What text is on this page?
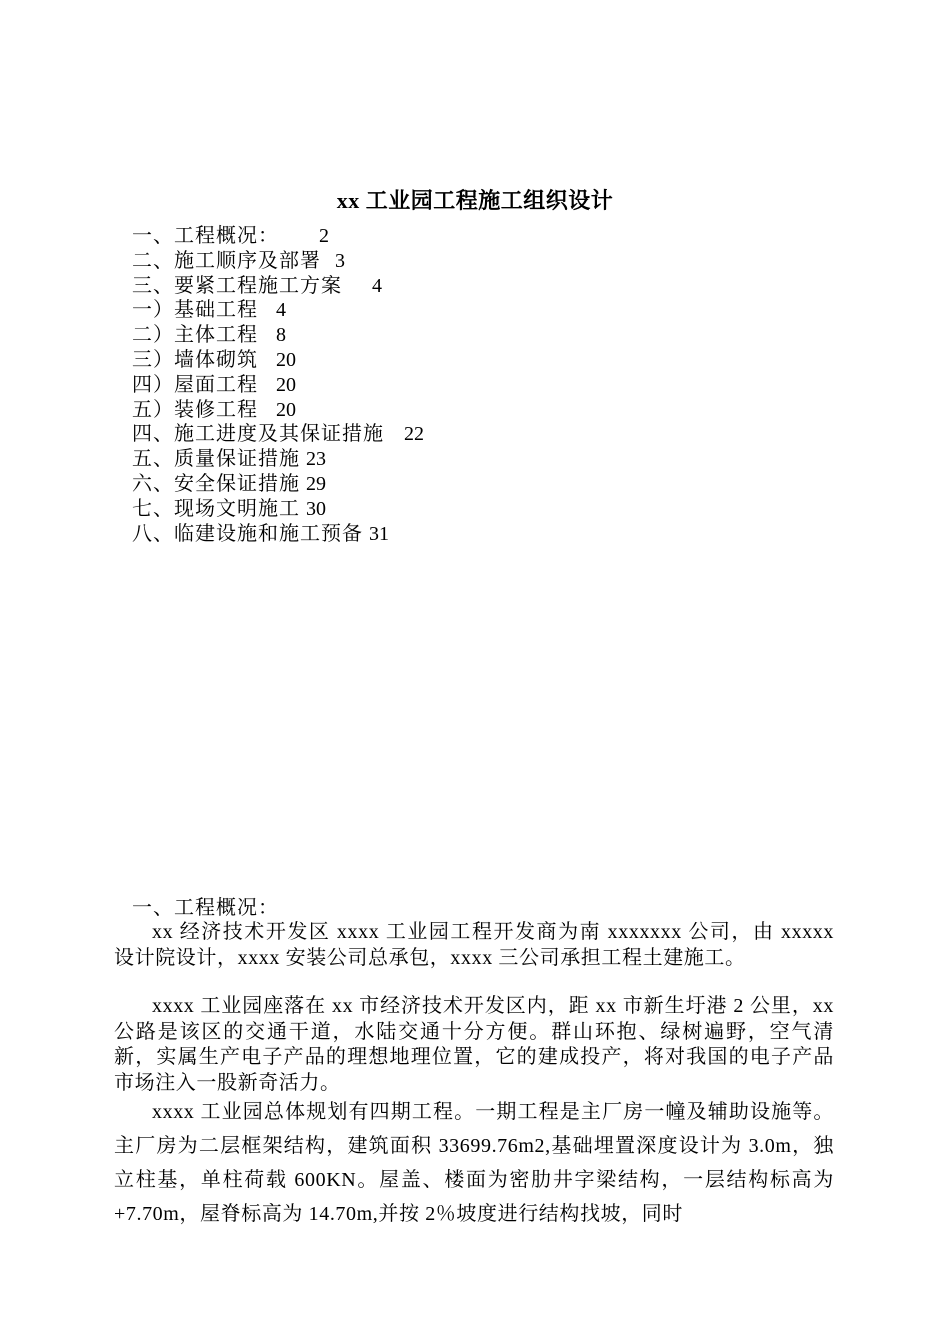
xx 工业园工程施工组织设计
一、工程概况： 2
二、施工顺序及部署 3
三、要紧工程施工方案 4
一）基础工程 4
二）主体工程 8
三）墙体砌筑 20
四）屋面工程 20
五）装修工程 20
四、施工进度及其保证措施 22
五、质量保证措施 23
六、安全保证措施 29
七、现场文明施工 30
八、临建设施和施工预备 31
一、工程概况：

xx 经济技术开发区 xxxx 工业园工程开发商为南 xxxxxxx 公司，由 xxxxx 设计院设计，xxxx 安装公司总承包，xxxx 三公司承担工程土建施工。

xxxx 工业园座落在 xx 市经济技术开发区内，距 xx 市新生圩港 2 公里，xx 公路是该区的交通干道，水陆交通十分方便。群山环抱、绿树遍野，空气清新，实属生产电子产品的理想地理位置，它的建成投产，将对我国的电子产品市场注入一股新奇活力。

xxxx 工业园总体规划有四期工程。一期工程是主厂房一幢及辅助设施等。主厂房为二层框架结构，建筑面积 33699.76m2,基础埋置深度设计为 3.0m，独立柱基，单柱荷载 600KN。屋盖、楼面为密肋井字梁结构，一层结构标高为+7.70m，屋脊标高为 14.70m,并按 2％坡度进行结构找坡，同时
